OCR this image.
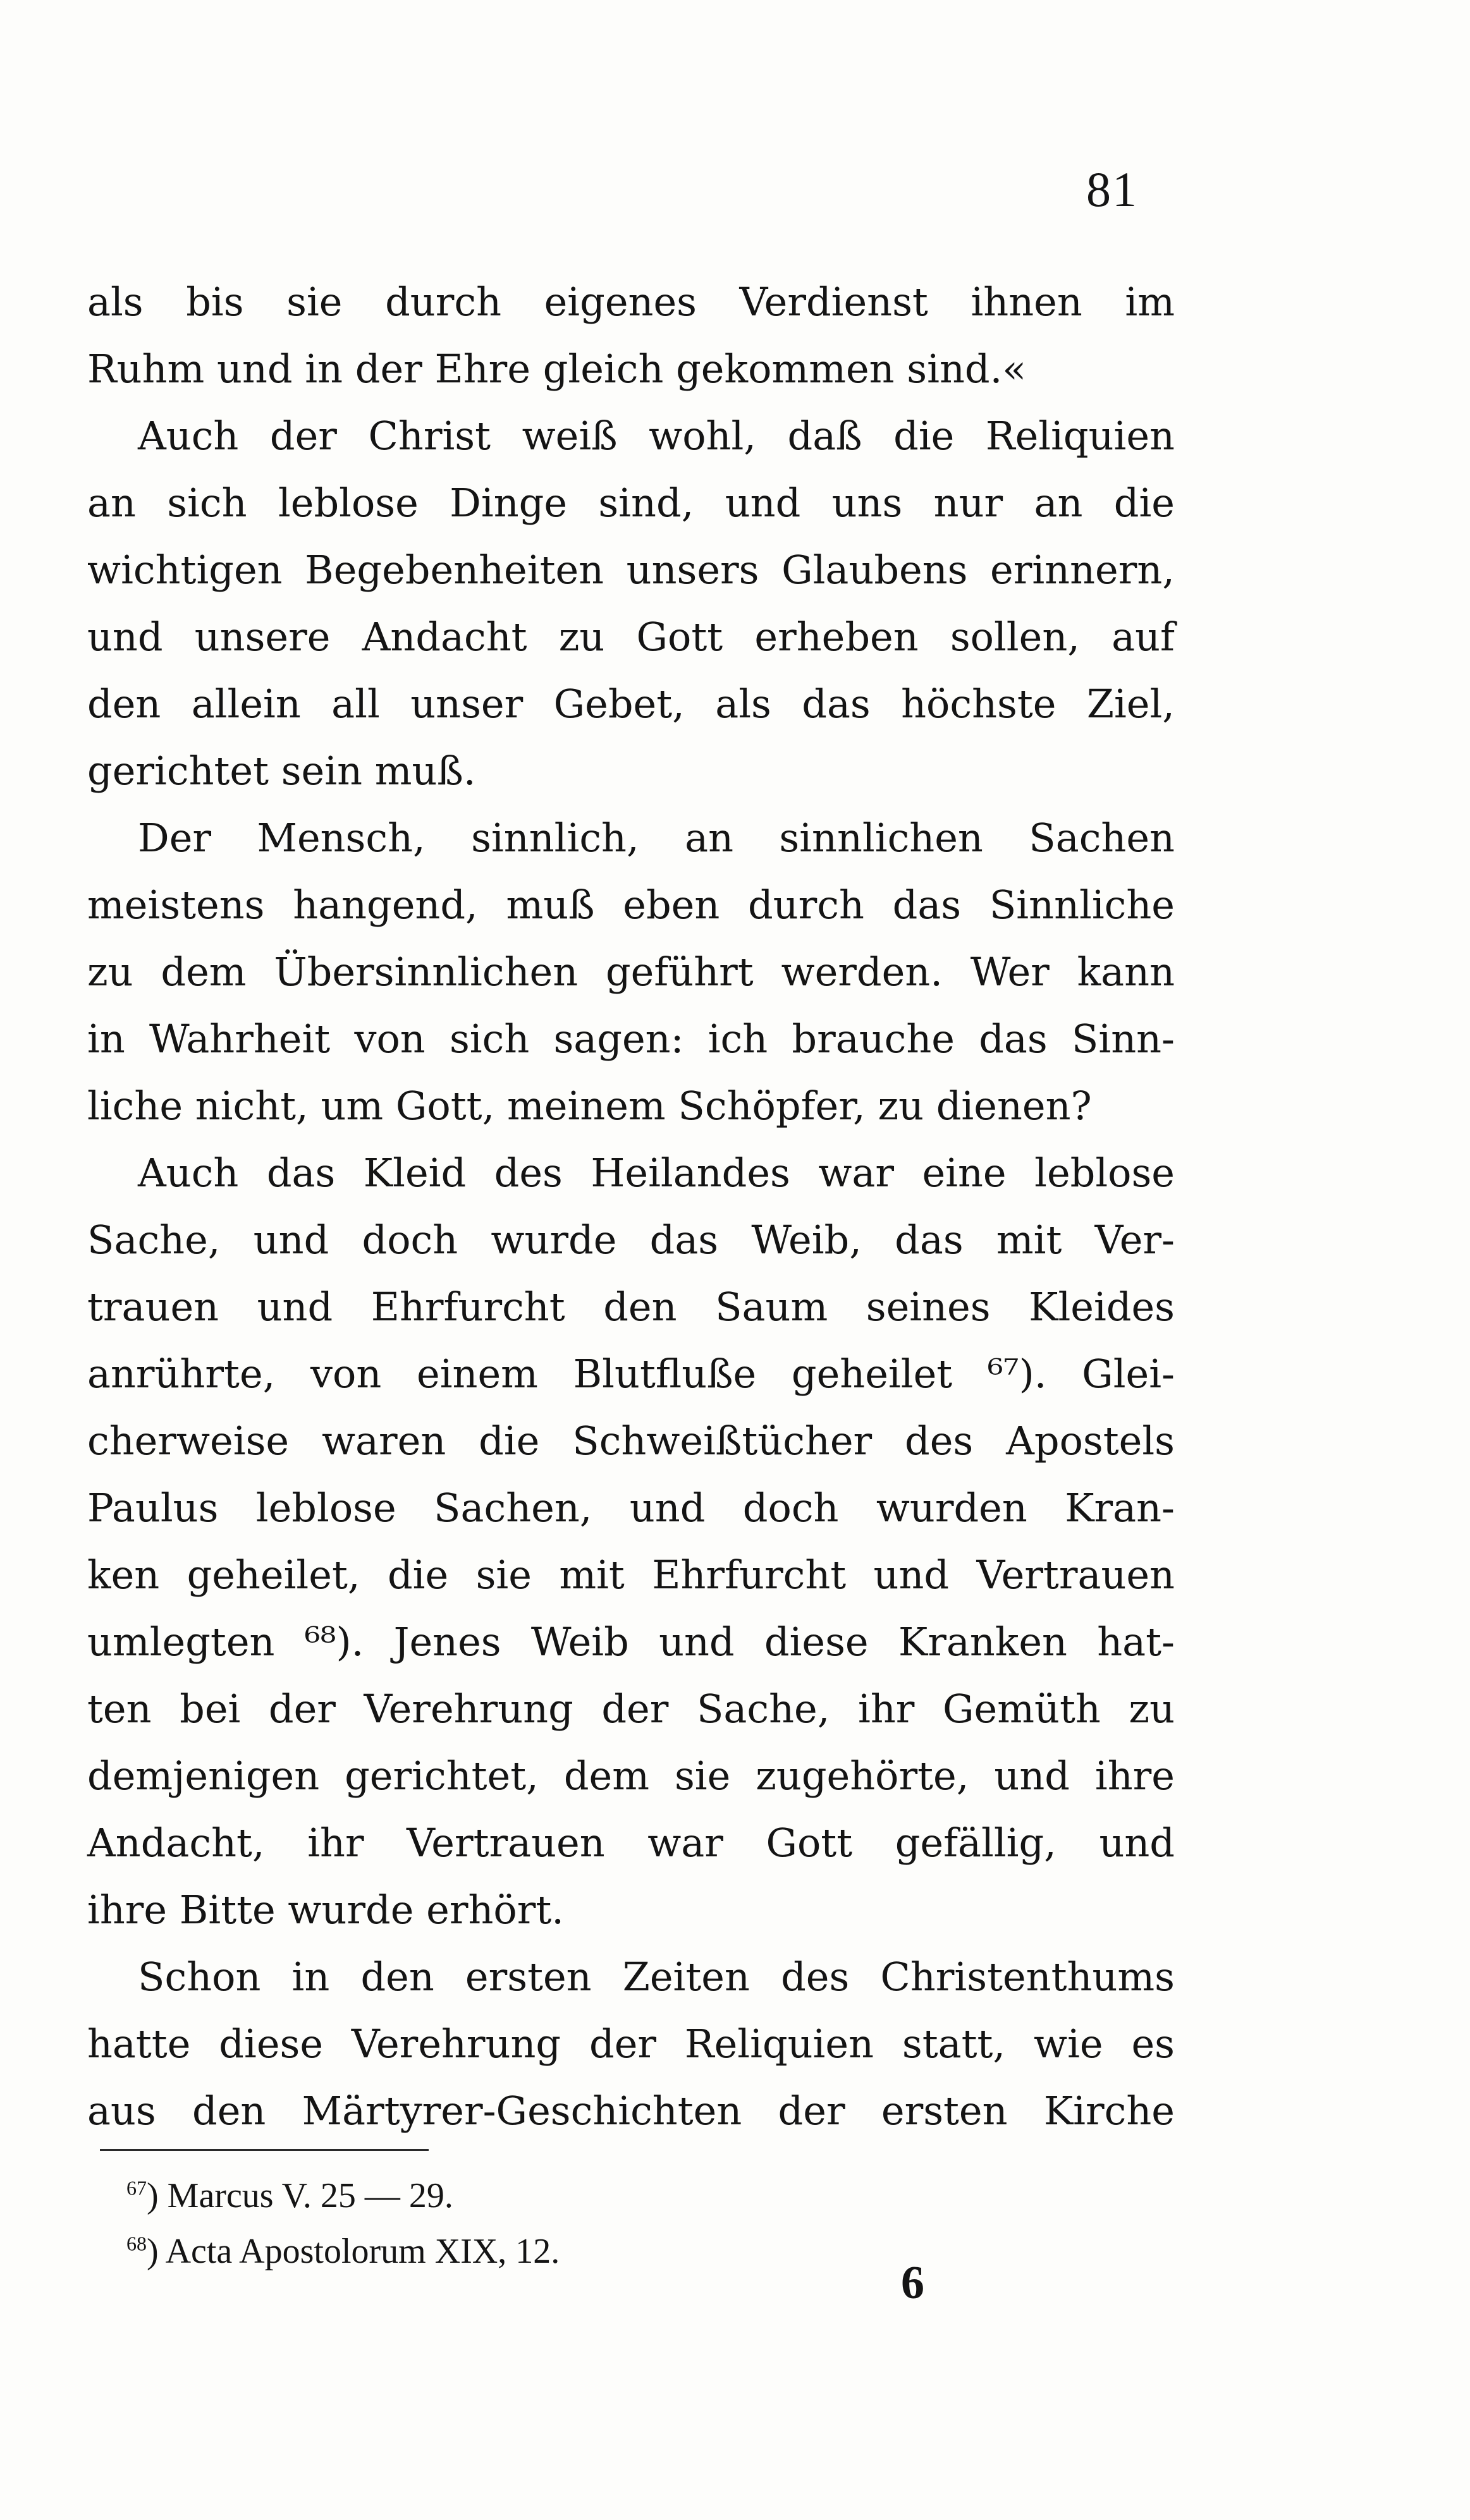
81
als bis sie durch eigenes Verdienst ihnen im
Ruhm und in der Ehre gleich gekommen sind.«
Auch der Christ weiß wohl, daß die Reliquien
an sich leblose Dinge sind, und uns nur an die
wichtigen Begebenheiten unsers Glaubens erinnern,
und unsere Andacht zu Gott erheben sollen, auf
den allein all unser Gebet, als das höchste Ziel,
gerichtet sein muß.
Der Mensch, sinnlich, an sinnlichen Sachen
meistens hangend, muß eben durch das Sinnliche
zu dem Übersinnlichen geführt werden. Wer kann
in Wahrheit von sich sagen: ich brauche das Sinn-
liche nicht, um Gott, meinem Schöpfer, zu dienen?
Auch das Kleid des Heilandes war eine leblose
Sache, und doch wurde das Weib, das mit Ver-
trauen und Ehrfurcht den Saum seines Kleides
anrührte, von einem Blutfluße geheilet ⁶⁷). Glei-
cherweise waren die Schweißtücher des Apostels
Paulus leblose Sachen, und doch wurden Kran-
ken geheilet, die sie mit Ehrfurcht und Vertrauen
umlegten ⁶⁸). Jenes Weib und diese Kranken hat-
ten bei der Verehrung der Sache, ihr Gemüth zu
demjenigen gerichtet, dem sie zugehörte, und ihre
Andacht, ihr Vertrauen war Gott gefällig, und
ihre Bitte wurde erhört.
Schon in den ersten Zeiten des Christenthums
hatte diese Verehrung der Reliquien statt, wie es
aus den Märtyrer-Geschichten der ersten Kirche
$^{67}$) Marcus V. 25 — 29.
$^{68}$) Acta Apostolorum XIX, 12.
6
